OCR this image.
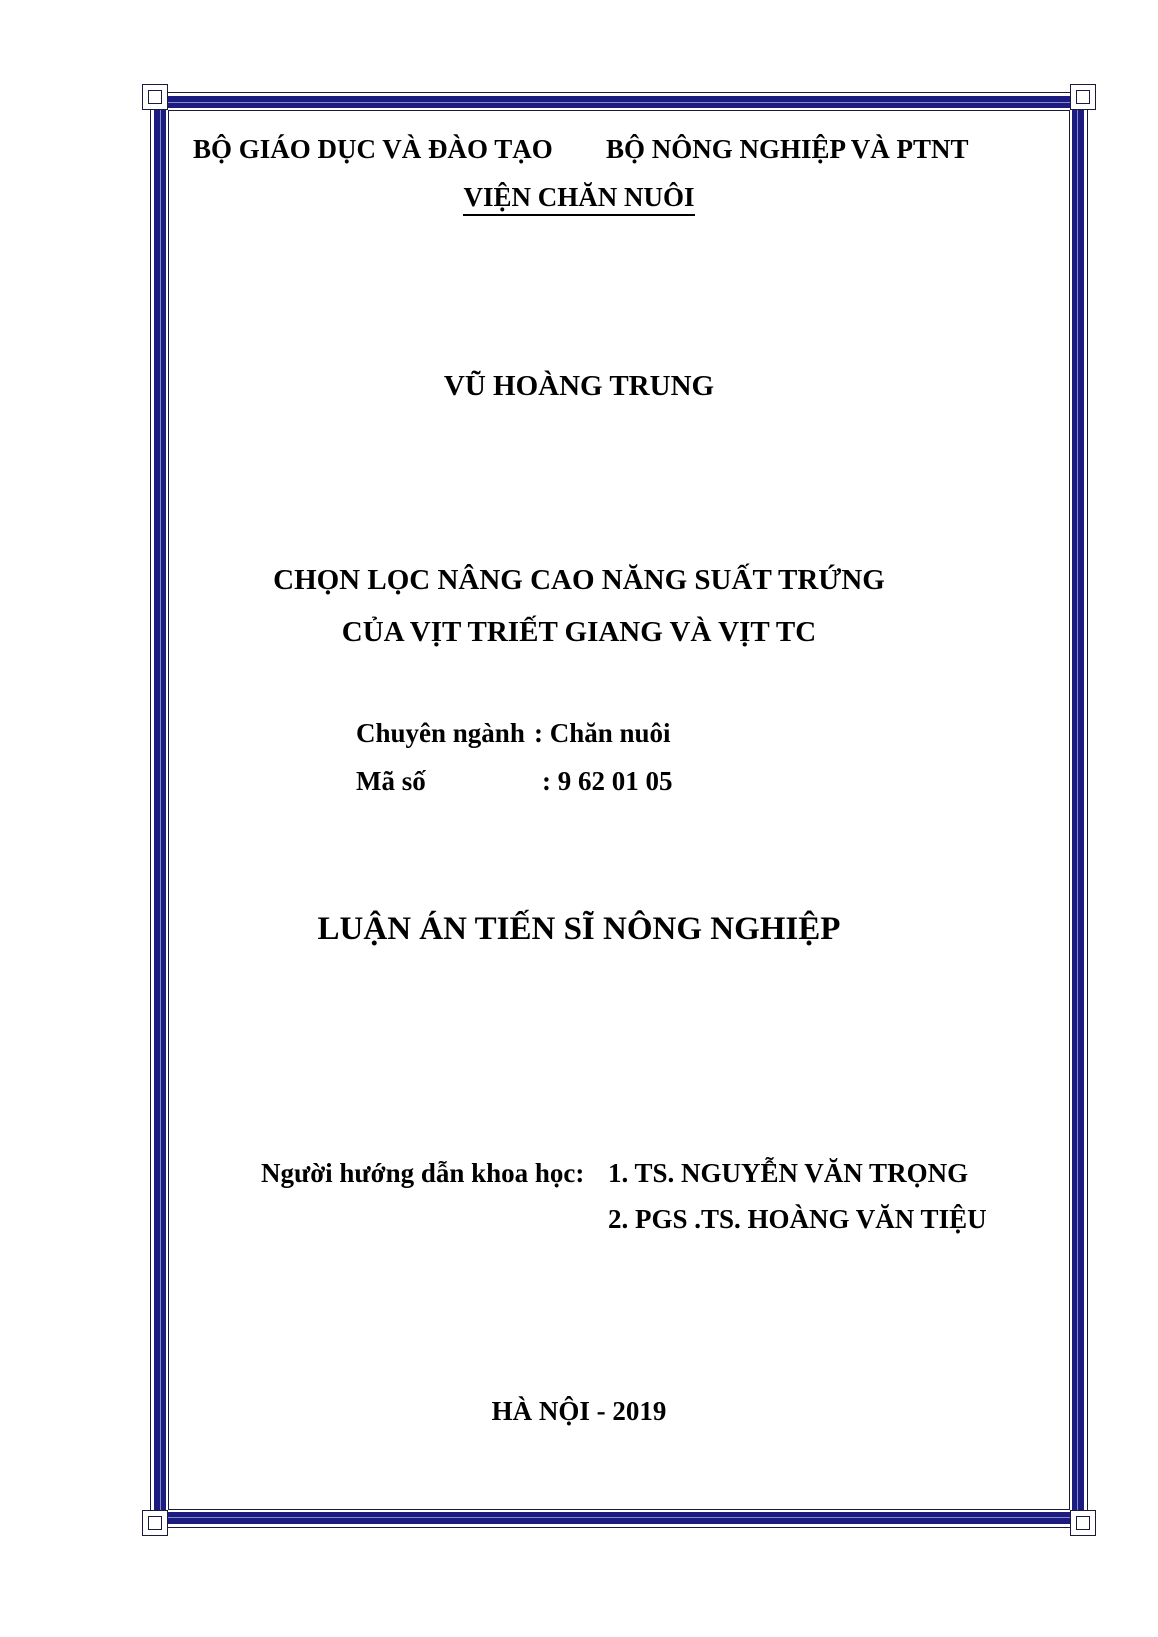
BỘ GIÁO DỤC VÀ ĐÀO TẠO BỘ NÔNG NGHIỆP VÀ PTNT
VIỆN CHĂN NUÔI
VŨ HOÀNG TRUNG
CHỌN LỌC NÂNG CAO NĂNG SUẤT TRỨNG
CỦA VỊT TRIẾT GIANG VÀ VỊT TC
Chuyên ngành : Chăn nuôi
Mã số	: 9 62 01 05
LUẬN ÁN TIẾN SĨ NÔNG NGHIỆP
Người hướng dẫn khoa học: 1. TS. NGUYỄN VĂN TRỌNG
2. PGS .TS. HOÀNG VĂN TIỆU
HÀ NỘI - 2019
